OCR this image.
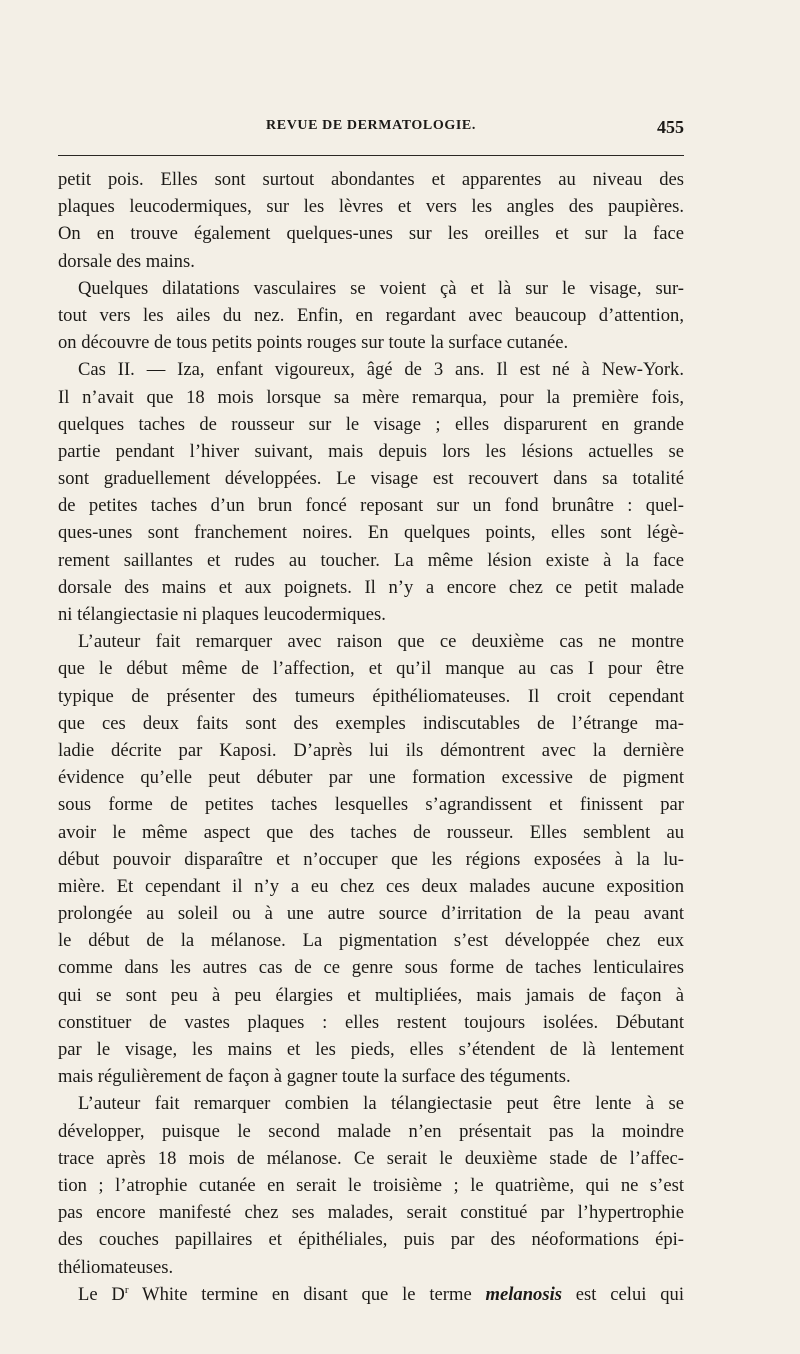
REVUE DE DERMATOLOGIE.	455
petit pois. Elles sont surtout abondantes et apparentes au niveau des
plaques leucodermiques, sur les lèvres et vers les angles des paupières.
On en trouve également quelques-unes sur les oreilles et sur la face
dorsale des mains.
Quelques dilatations vasculaires se voient çà et là sur le visage, sur-
tout vers les ailes du nez. Enfin, en regardant avec beaucoup d’attention,
on découvre de tous petits points rouges sur toute la surface cutanée.
Cas II. — Iza, enfant vigoureux, âgé de 3 ans. Il est né à New-York.
Il n’avait que 18 mois lorsque sa mère remarqua, pour la première fois,
quelques taches de rousseur sur le visage ; elles disparurent en grande
partie pendant l’hiver suivant, mais depuis lors les lésions actuelles se
sont graduellement développées. Le visage est recouvert dans sa totalité
de petites taches d’un brun foncé reposant sur un fond brunâtre : quel-
ques-unes sont franchement noires. En quelques points, elles sont légè-
rement saillantes et rudes au toucher. La même lésion existe à la face
dorsale des mains et aux poignets. Il n’y a encore chez ce petit malade
ni télangiectasie ni plaques leucodermiques.
L’auteur fait remarquer avec raison que ce deuxième cas ne montre
que le début même de l’affection, et qu’il manque au cas I pour être
typique de présenter des tumeurs épithéliomateuses. Il croit cependant
que ces deux faits sont des exemples indiscutables de l’étrange ma-
ladie décrite par Kaposi. D’après lui ils démontrent avec la dernière
évidence qu’elle peut débuter par une formation excessive de pigment
sous forme de petites taches lesquelles s’agrandissent et finissent par
avoir le même aspect que des taches de rousseur. Elles semblent au
début pouvoir disparaître et n’occuper que les régions exposées à la lu-
mière. Et cependant il n’y a eu chez ces deux malades aucune exposition
prolongée au soleil ou à une autre source d’irritation de la peau avant
le début de la mélanose. La pigmentation s’est développée chez eux
comme dans les autres cas de ce genre sous forme de taches lenticulaires
qui se sont peu à peu élargies et multipliées, mais jamais de façon à
constituer de vastes plaques : elles restent toujours isolées. Débutant
par le visage, les mains et les pieds, elles s’étendent de là lentement
mais régulièrement de façon à gagner toute la surface des téguments.
L’auteur fait remarquer combien la télangiectasie peut être lente à se
développer, puisque le second malade n’en présentait pas la moindre
trace après 18 mois de mélanose. Ce serait le deuxième stade de l’affec-
tion ; l’atrophie cutanée en serait le troisième ; le quatrième, qui ne s’est
pas encore manifesté chez ses malades, serait constitué par l’hypertrophie
des couches papillaires et épithéliales, puis par des néoformations épi-
théliomateuses.
Le $D^r$ White termine en disant que le terme melanosis est celui qui
